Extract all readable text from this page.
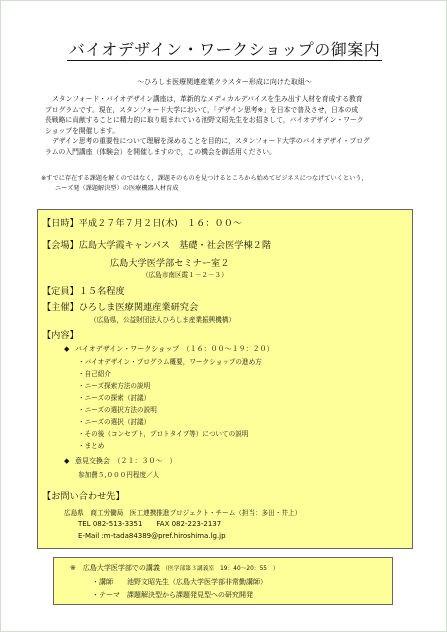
バイオデザイン・ワークショップの御案内
～ひろしま医療関連産業クラスター形成に向けた取組～
スタンフォード・バイオデザイン講座は，革新的なメディカルデバイスを生み出す人材を育成する教育
プログラムです。現在，スタンフォード大学において，「デザイン思考※」を日本で普及させ，日本の成
長戦略に貢献することに精力的に取り組まれている池野文昭先生をお招きして，バイオデザイン・ワーク
ショップを開催します。
デザイン思考の重要性について理解を深めることを目的に，スタンフォード大学のバイオデザイ・プログ
ラムの入門講座（体験会）を開催しますので，この機会を御活用ください。
※すでに存在する課題を解くのではなく，課題そのものを見つけるところから始めてビジネスにつなげていくという，
ニーズ発（課題解決型）の医療機器人材育成
【日時】平成２７年７月２日(木)　１６：００～
【会場】広島大学霞キャンパス　基礎・社会医学棟２階
広島大学医学部セミナー室２
（広島市南区霞１－２－３）
【定員】１５名程度
【主催】ひろしま医療関連産業研究会
（広島県，公益財団法人ひろしま産業振興機構）
【内容】
◆ バイオデザイン・ワークショップ　（１６：００～１９：２０）
・バイオデザイン・プログラム概要，ワークショップの進め方
・自己紹介
・ニーズ探索方法の説明
・ニーズの探索（討議）
・ニーズの選択方法の説明
・ニーズの選択（討議）
・その後（コンセプト，プロトタイプ等）についての説明
・まとめ
◆ 意見交換会　（２１：３０～　）
参加費５,０００円程度／人
【お問い合わせ先】
広島県　商工労働局　医工連携推進プロジェクト・チーム（担当：多田・井上）
TEL 082-513-3351　　FAX 082-223-2137
E-Mail :m-tada84389@pref.hiroshima.lg.jp
※　広島大学医学部での講義 （医学部第３講義室　19：40～20：55　）
・講師　　池野文昭先生（広島大学医学部非常勤講師）
・テーマ　課題解決型から課題発見型への研究開発
